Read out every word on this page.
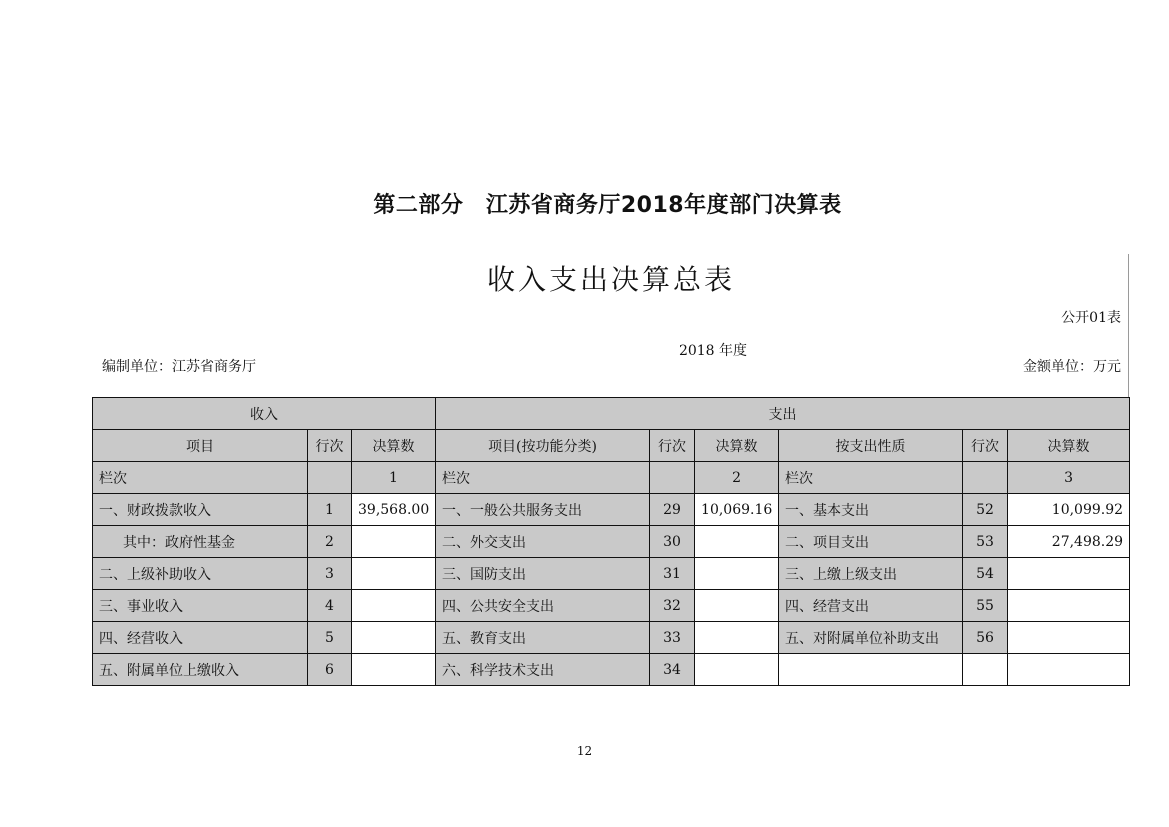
第二部分　江苏省商务厅2018年度部门决算表
收入支出决算总表
公开01表
2018 年度
编制单位：江苏省商务厅	金额单位：万元
收入			支出					
项目	行次	决算数	项目(按功能分类)	行次	决算数	按支出性质	行次	决算数
栏次		1	栏次		2	栏次		3
一、财政拨款收入	1	39,568.00	一、一般公共服务支出	29	10,069.16	一、基本支出	52	10,099.92
其中：政府性基金	2		二、外交支出	30		二、项目支出	53	27,498.29
二、上级补助收入	3		三、国防支出	31		三、上缴上级支出	54	
三、事业收入	4		四、公共安全支出	32		四、经营支出	55	
四、经营收入	5		五、教育支出	33		五、对附属单位补助支出	56	
五、附属单位上缴收入	6		六、科学技术支出	34				
12
